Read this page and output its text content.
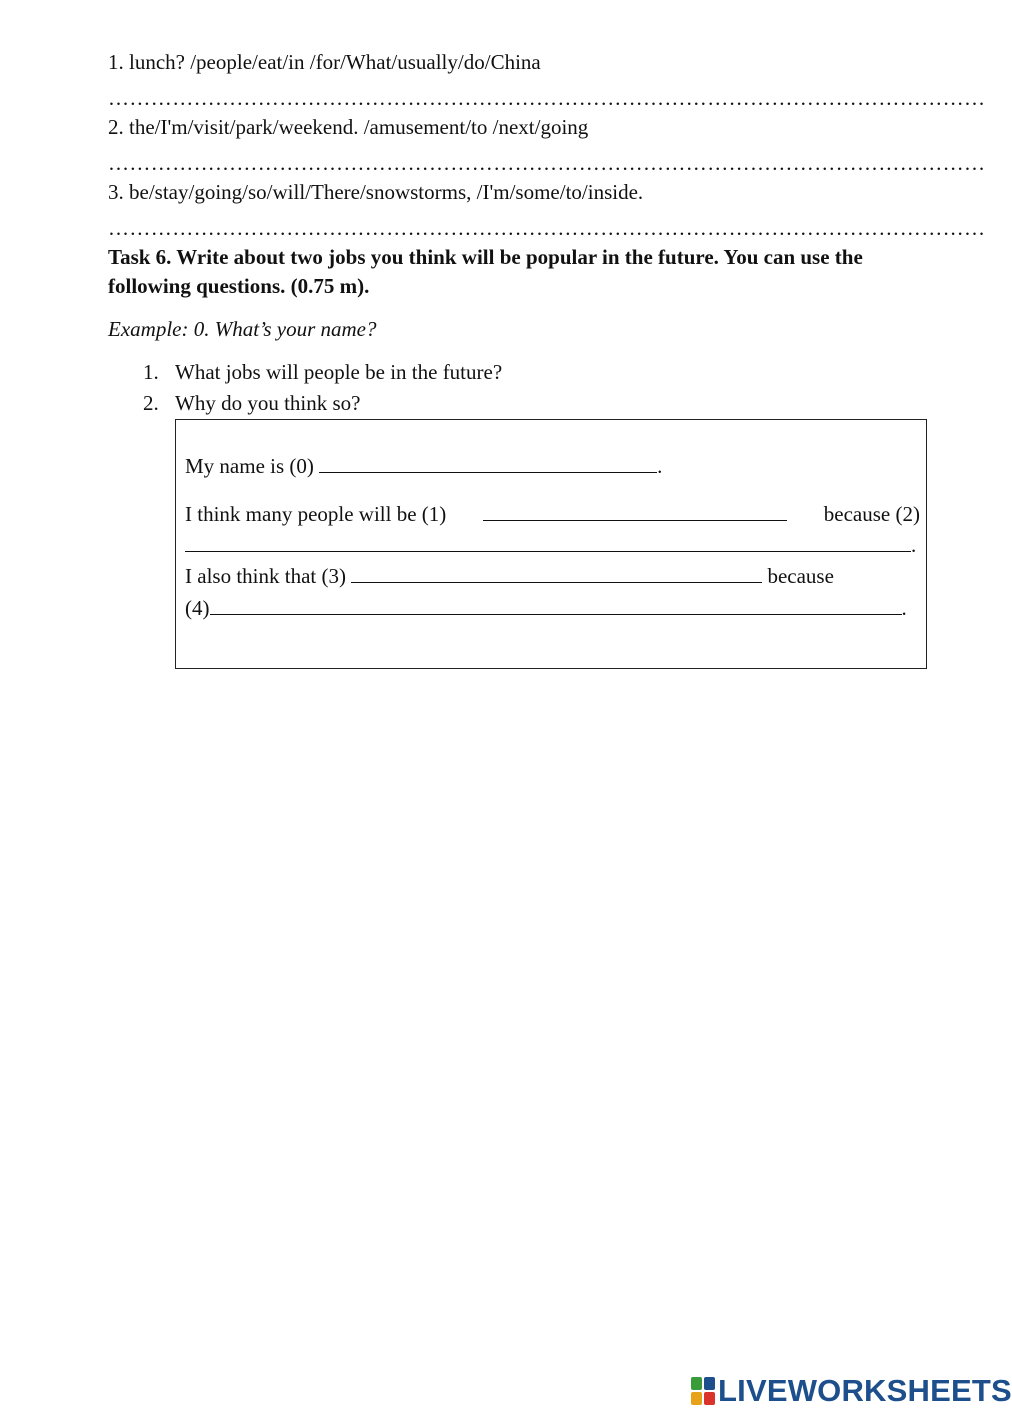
1. lunch? /people/eat/in /for/What/usually/do/China
……………………………………………………………………………………………………………
2. the/I'm/visit/park/weekend. /amusement/to /next/going
……………………………………………………………………………………………………………
3. be/stay/going/so/will/There/snowstorms, /I'm/some/to/inside.
……………………………………………………………………………………………………………
Task 6. Write about two jobs you think will be popular in the future. You can use the following questions. (0.75 m).
Example: 0. What’s your name?
1. What jobs will people be in the future?
2. Why do you think so?
My name is (0)	.
I think many people will be (1)	because (2)
.
I also think that (3)	because
(4)	.
LIVEWORKSHEETS
